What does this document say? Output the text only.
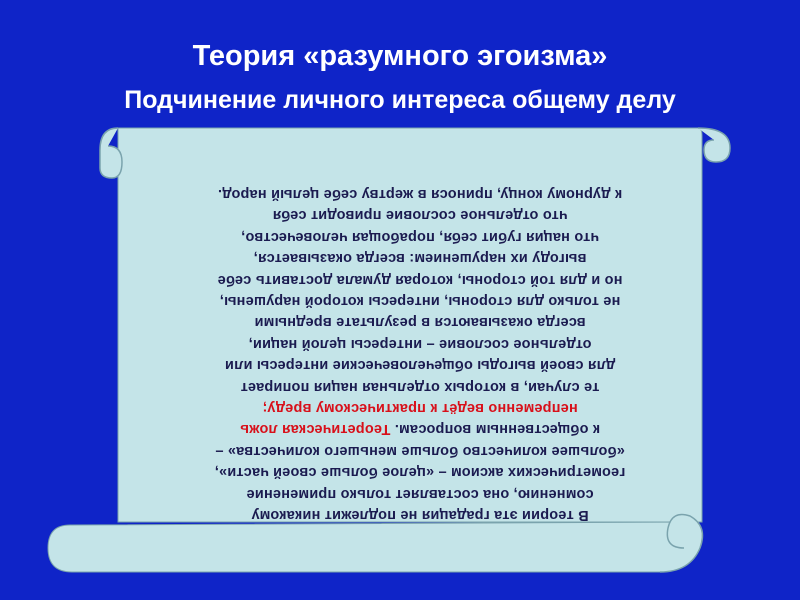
Теория «разумного эгоизма»
Подчинение личного интереса общему делу

В теории эта градация не подлежит никакому

сомнению, она составляет только применение

геометрических аксиом – «целое больше своей части»,

«большее количество больше меньшего количества» –

к общественным вопросам. Теоретическая ложь

непременно ведёт к практическому вреду;

те случаи, в которых отдельная нация попирает

для своей выгоды общечеловеческие интересы или

отдельное сословие – интересы целой нации,

всегда оказываются в результате вредными

не только для стороны, интересы которой нарушены,

но и для той стороны, которая думала доставить себе

выгоду их нарушением: всегда оказывается,

что нация губит себя, порабощая человечество,

что отдельное сословие приводит себя

к дурному концу, принося в жертву себе целый народ.
